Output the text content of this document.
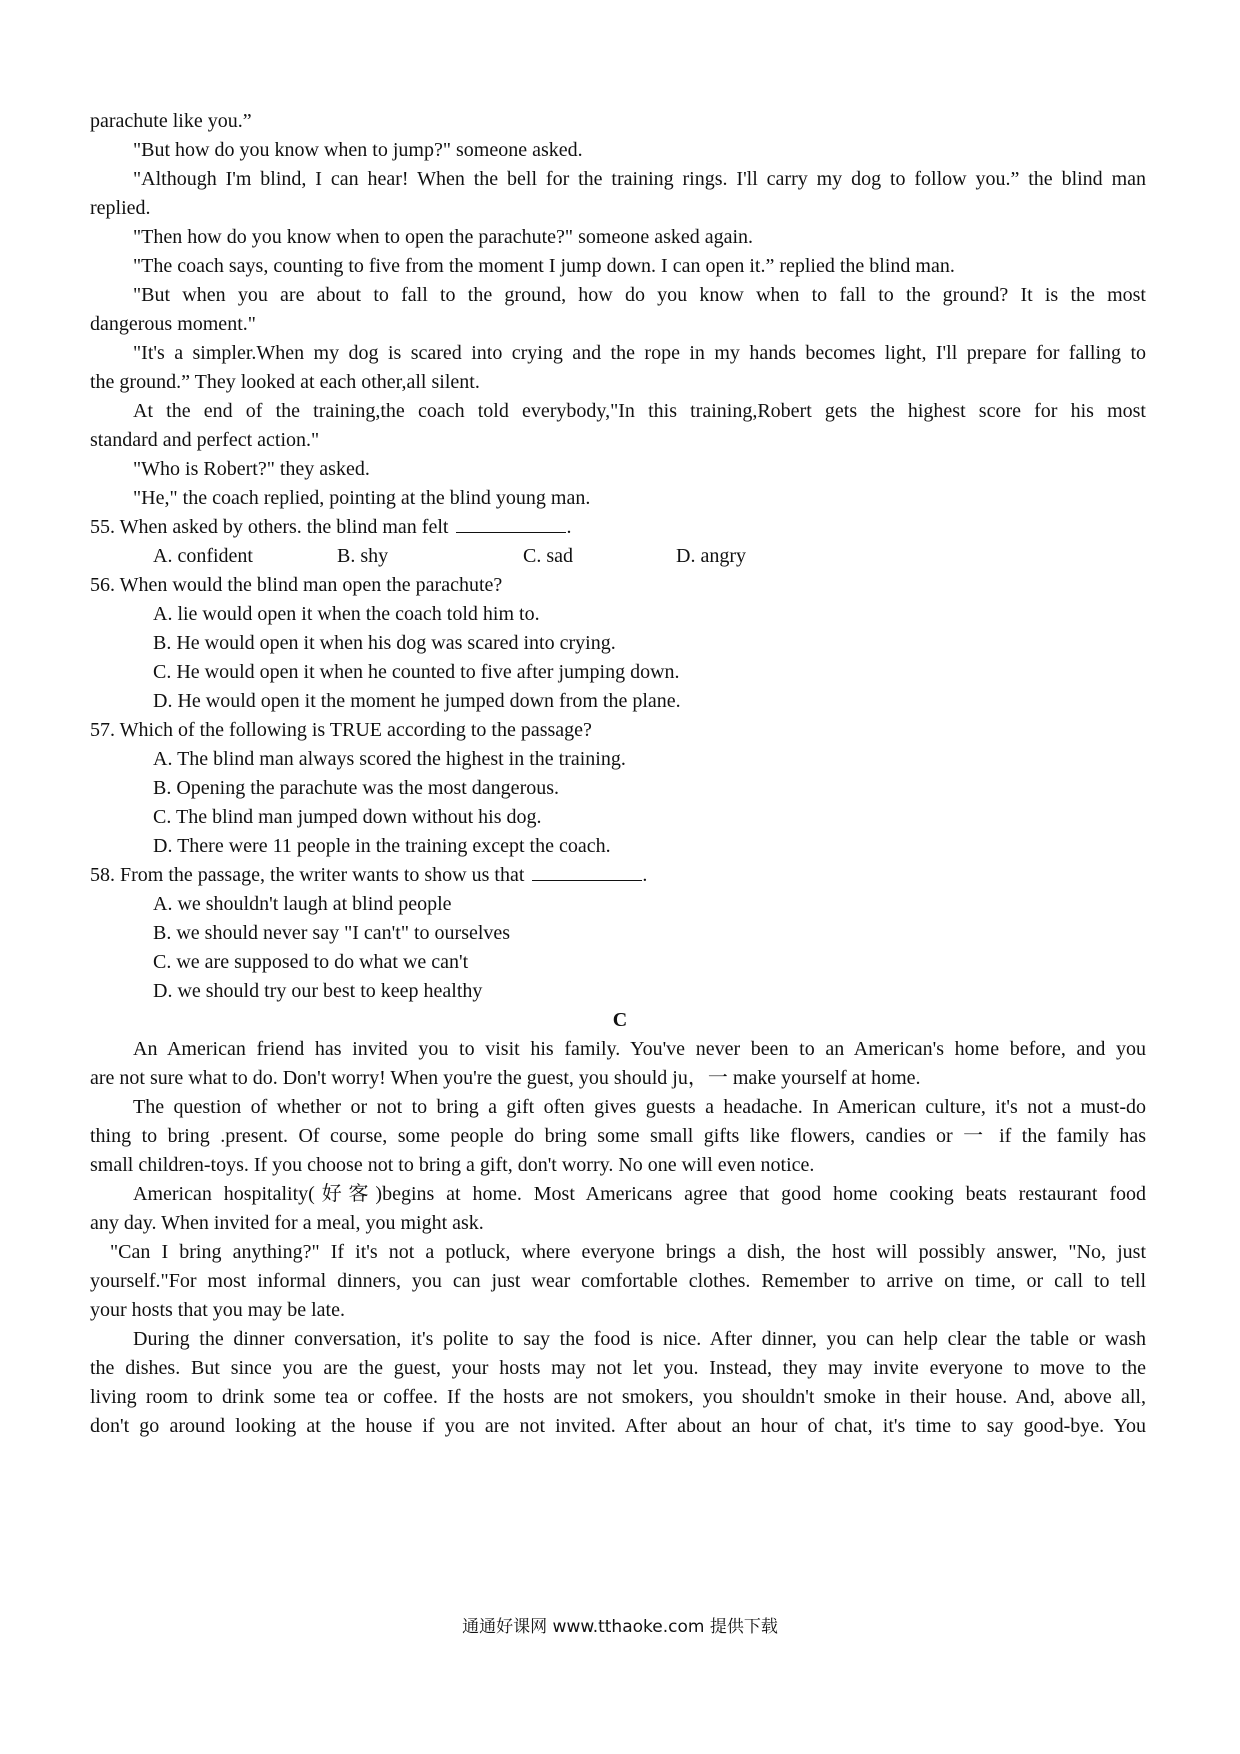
parachute like you.”
"But how do you know when to jump?" someone asked.
"Although I'm blind, I can hear! When the bell for the training rings. I'll carry my dog to follow you.” the blind man
replied.
"Then how do you know when to open the parachute?" someone asked again.
"The coach says, counting to five from the moment I jump down. I can open it.” replied the blind man.
"But when you are about to fall to the ground, how do you know when to fall to the ground? It is the most
dangerous moment."
"It's a simpler.When my dog is scared into crying and the rope in my hands becomes light, I'll prepare for falling to
the ground.” They looked at each other,all silent.
At the end of the training,the coach told everybody,"In this training,Robert gets the highest score for his most
standard and perfect action."
"Who is Robert?" they asked.
"He," the coach replied, pointing at the blind young man.
55. When asked by others. the blind man felt	.
A. confident	B. shy	C. sad	D. angry
56. When would the blind man open the parachute?
A. lie would open it when the coach told him to.
B. He would open it when his dog was scared into crying.
C. He would open it when he counted to five after jumping down.
D. He would open it the moment he jumped down from the plane.
57. Which of the following is TRUE according to the passage?
A. The blind man always scored the highest in the training.
B. Opening the parachute was the most dangerous.
C. The blind man jumped down without his dog.
D. There were 11 people in the training except the coach.
58. From the passage, the writer wants to show us that	.
A. we shouldn't laugh at blind people
B. we should never say "I can't" to ourselves
C. we are supposed to do what we can't
D. we should try our best to keep healthy
C
An American friend has invited you to visit his family. You've never been to an American's home before, and you
are not sure what to do. Don't worry! When you're the guest, you should ju，一 make yourself at home.
The question of whether or not to bring a gift often gives guests a headache. In American culture, it's not a must-do
thing to bring .present. Of course, some people do bring some small gifts like flowers, candies or 一 if the family has
small children-toys. If you choose not to bring a gift, don't worry. No one will even notice.
American hospitality(好客)begins at home. Most Americans agree that good home cooking beats restaurant food
any day. When invited for a meal, you might ask.
"Can I bring anything?" If it's not a potluck, where everyone brings a dish, the host will possibly answer, "No, just
yourself."For most informal dinners, you can just wear comfortable clothes. Remember to arrive on time, or call to tell
your hosts that you may be late.
During the dinner conversation, it's polite to say the food is nice. After dinner, you can help clear the table or wash
the dishes. But since you are the guest, your hosts may not let you. Instead, they may invite everyone to move to the
living room to drink some tea or coffee. If the hosts are not smokers, you shouldn't smoke in their house. And, above all,
don't go around looking at the house if you are not invited. After about an hour of chat, it's time to say good-bye. You
通通好课网 www.tthaoke.com 提供下载
